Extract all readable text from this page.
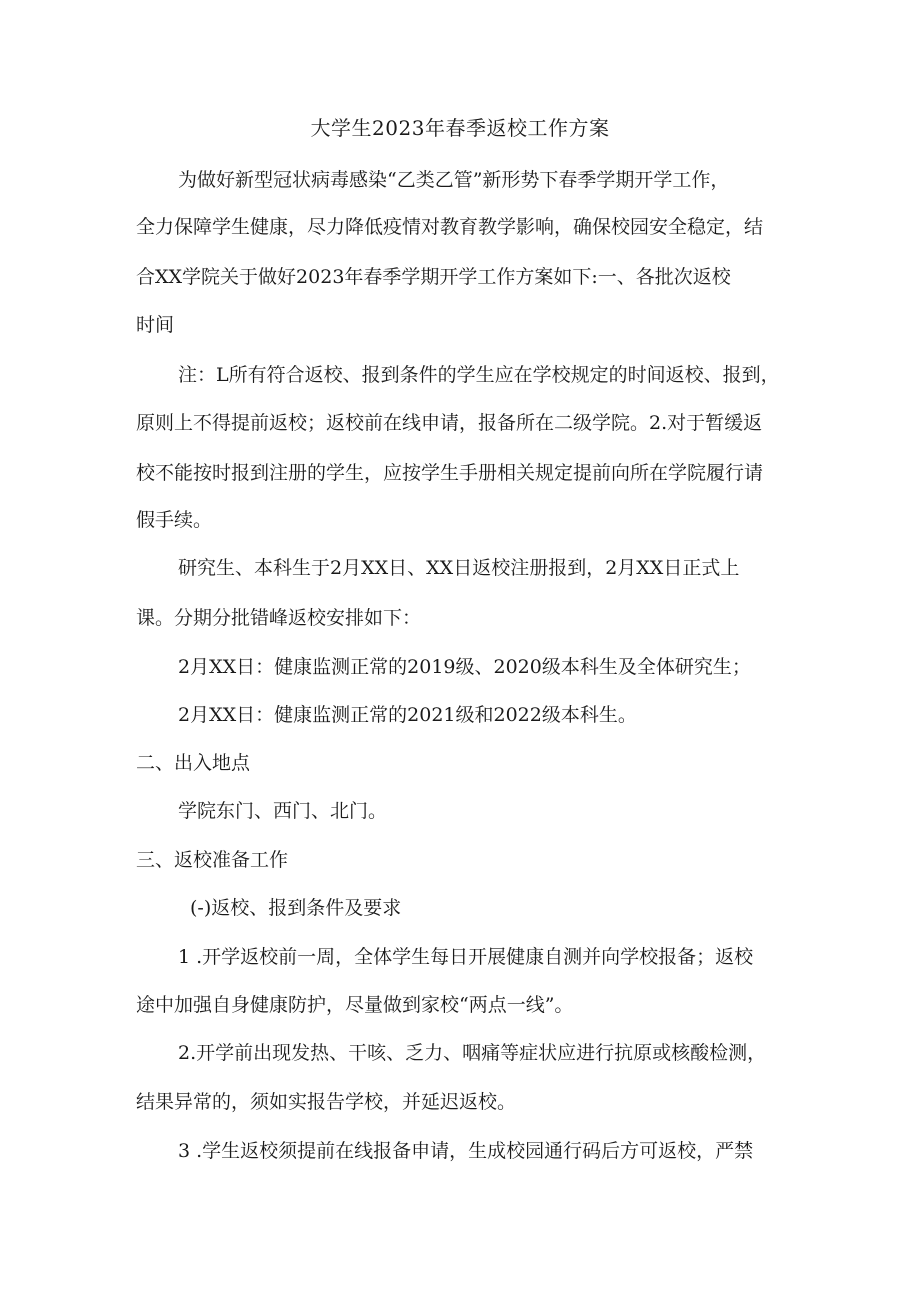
大学生2023年春季返校工作方案
为做好新型冠状病毒感染“乙类乙管”新形势下春季学期开学工作，
全力保障学生健康，尽力降低疫情对教育教学影响，确保校园安全稳定，结
合XX学院关于做好2023年春季学期开学工作方案如下:一、各批次返校
时间
注：L所有符合返校、报到条件的学生应在学校规定的时间返校、报到，
原则上不得提前返校；返校前在线申请，报备所在二级学院。2.对于暂缓返
校不能按时报到注册的学生，应按学生手册相关规定提前向所在学院履行请
假手续。
研究生、本科生于2月XX日、XX日返校注册报到，2月XX日正式上
课。分期分批错峰返校安排如下：
2月XX日：健康监测正常的2019级、2020级本科生及全体研究生；
2月XX日：健康监测正常的2021级和2022级本科生。
二、出入地点
学院东门、西门、北门。
三、返校准备工作
(-)返校、报到条件及要求
1 .开学返校前一周，全体学生每日开展健康自测并向学校报备；返校
途中加强自身健康防护，尽量做到家校“两点一线”。
2.开学前出现发热、干咳、乏力、咽痛等症状应进行抗原或核酸检测，
结果异常的，须如实报告学校，并延迟返校。
3 .学生返校须提前在线报备申请，生成校园通行码后方可返校，严禁
